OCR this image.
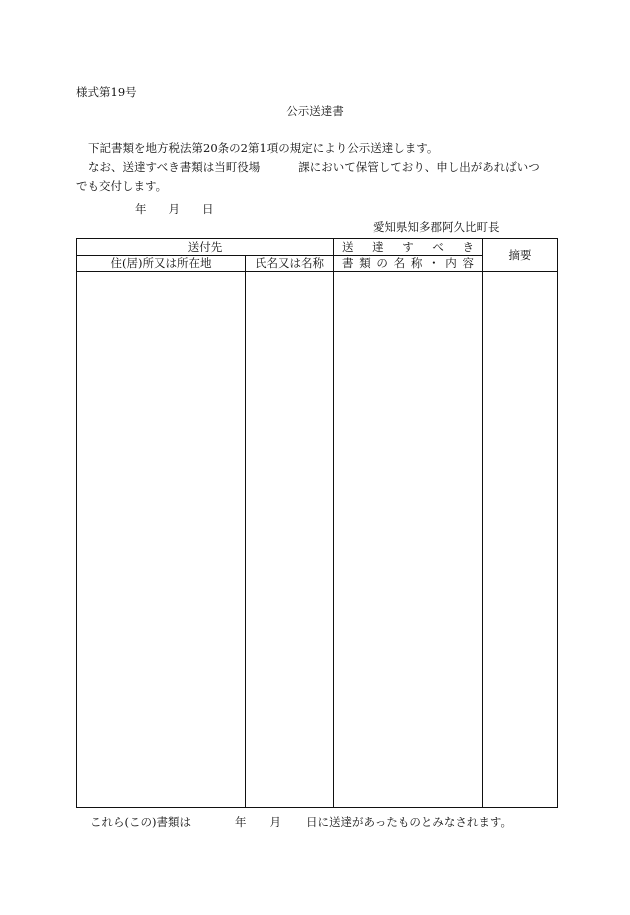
様式第19号
公示送達書
下記書類を地方税法第20条の2第1項の規定により公示送達します。
なお、送達すべき書類は当町役場	課において保管しており、申し出があればいつ
でも交付します。
年 月 日
愛知県知多郡阿久比町長
送付先		送 達 す べ き	摘要
住(居)所又は所在地	氏名又は名称	書 類 の 名 称 ・ 内 容	

これら(この)書類は	年 月 日に送達があったものとみなされます。
